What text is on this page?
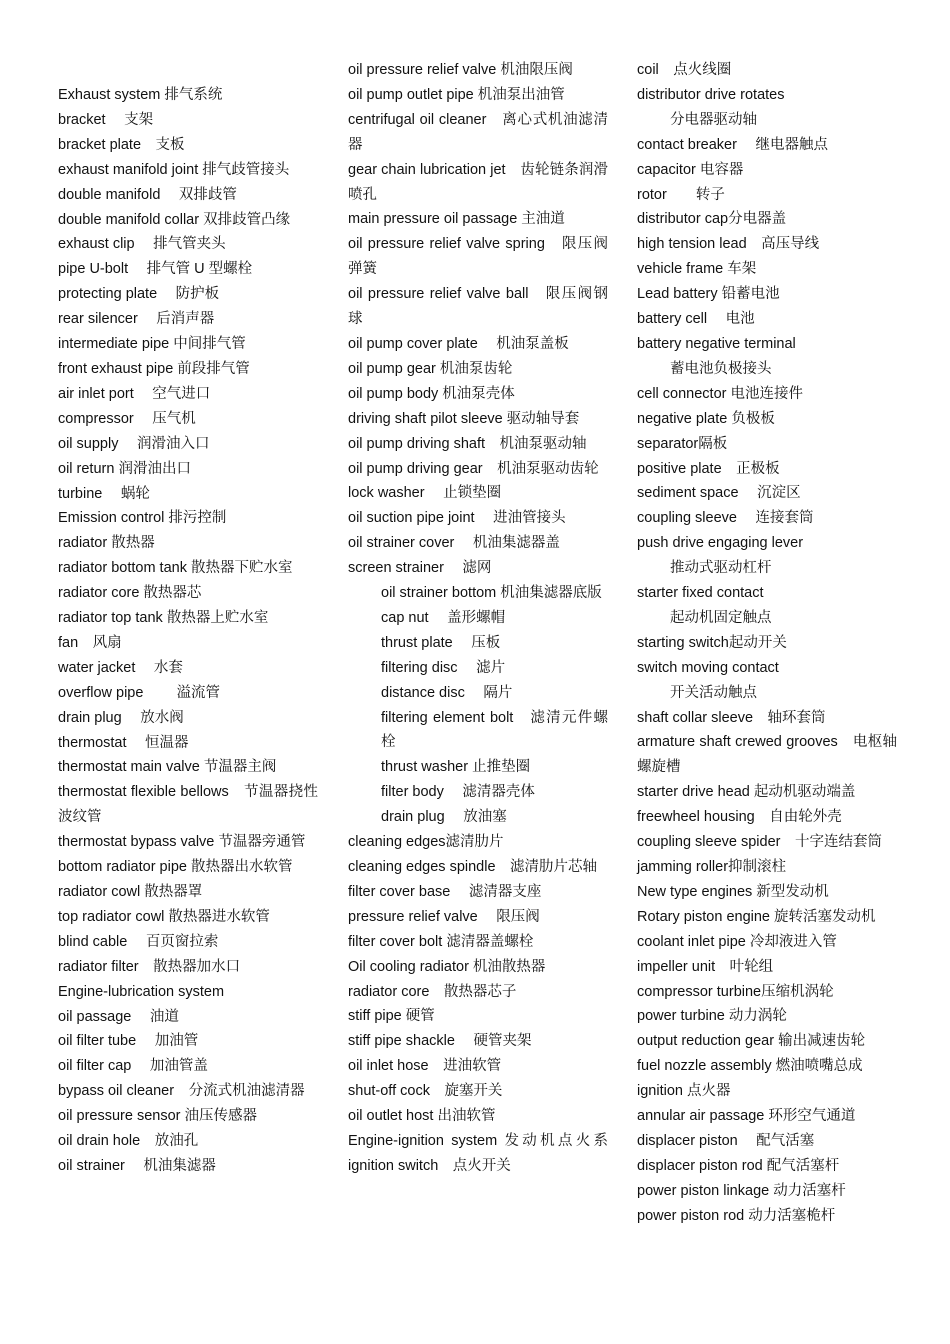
Exhaust system 排气系统
bracket　 支架
bracket plate　支板
exhaust manifold joint 排气歧管接头
double manifold　 双排歧管
double manifold collar 双排歧管凸缘
exhaust clip　 排气管夹头
pipe U-bolt　 排气管 U 型螺栓
protecting plate　 防护板
rear silencer　 后消声器
intermediate pipe 中间排气管
front exhaust pipe 前段排气管
air inlet port　 空气进口
compressor　 压气机
oil supply　 润滑油入口
oil return 润滑油出口
turbine　 蜗轮
Emission control 排污控制
radiator 散热器
radiator bottom tank 散热器下贮水室
radiator core 散热器芯
radiator top tank 散热器上贮水室
fan　风扇
water jacket　 水套
overflow pipe　　 溢流管
drain plug　 放水阀
thermostat　 恒温器
thermostat main valve 节温器主阀
thermostat flexible bellows　节温器挠性波纹管
thermostat bypass valve 节温器旁通管
bottom radiator pipe 散热器出水软管
radiator cowl 散热器罩
top radiator cowl 散热器进水软管
blind cable　 百页窗拉索
radiator filter　散热器加水口
Engine-lubrication system
oil passage　 油道
oil filter tube　 加油管
oil filter cap　 加油管盖
bypass oil cleaner　分流式机油滤清器
oil pressure sensor 油压传感器
oil drain hole　放油孔
oil strainer　 机油集滤器
oil pressure relief valve 机油限压阀
oil pump outlet pipe 机油泵出油管
centrifugal oil cleaner　离心式机油滤清器
gear chain lubrication jet　齿轮链条润滑喷孔
main pressure oil passage 主油道
oil pressure relief valve spring　限压阀弹簧
oil pressure relief valve ball　限压阀钢球
oil pump cover plate　 机油泵盖板
oil pump gear 机油泵齿轮
oil pump body 机油泵壳体
driving shaft pilot sleeve 驱动轴导套
oil pump driving shaft　机油泵驱动轴
oil pump driving gear　机油泵驱动齿轮
lock washer　 止锁垫圈
oil suction pipe joint　 进油管接头
oil strainer cover　 机油集滤器盖
screen strainer　 滤网
oil strainer bottom 机油集滤器底版
cap nut　 盖形螺帽
thrust plate　 压板
filtering disc　 滤片
distance disc　 隔片
filtering element bolt　滤清元件螺栓
thrust washer 止推垫圈
filter body　 滤清器壳体
drain plug　 放油塞
cleaning edges滤清肋片
cleaning edges spindle　滤清肋片芯轴
filter cover base　 滤清器支座
pressure relief valve　 限压阀
filter cover bolt 滤清器盖螺栓
Oil cooling radiator 机油散热器
radiator core　散热器芯子
stiff pipe 硬管
stiff pipe shackle　 硬管夹架
oil inlet hose　进油软管
shut-off cock　旋塞开关
oil outlet host 出油软管
Engine-ignition system 发动机点火系 ignition switch　点火开关
coil　点火线圈
distributor drive rotates
分电器驱动轴
contact breaker　 继电器触点
capacitor 电容器
rotor　　转子
distributor cap分电器盖
high tension lead　高压导线
vehicle frame 车架
Lead battery 铅蓄电池
battery cell　 电池
battery negative terminal
蓄电池负极接头
cell connector 电池连接件
negative plate 负极板
separator隔板
positive plate　正极板
sediment space　 沉淀区
coupling sleeve　 连接套筒
push drive engaging lever
推动式驱动杠杆
starter fixed contact
起动机固定触点
starting switch起动开关
switch moving contact
开关活动触点
shaft collar sleeve　轴环套筒
armature shaft crewed grooves　电枢轴螺旋槽
starter drive head 起动机驱动端盖
freewheel housing　自由轮外壳
coupling sleeve spider　十字连结套筒
jamming roller抑制滚柱
New type engines 新型发动机
Rotary piston engine 旋转活塞发动机
coolant inlet pipe 冷却液进入管
impeller unit　叶轮组
compressor turbine压缩机涡轮
power turbine 动力涡轮
output reduction gear 输出减速齿轮
fuel nozzle assembly 燃油喷嘴总成
ignition 点火器
annular air passage 环形空气通道
displacer piston　 配气活塞
displacer piston rod 配气活塞杆
power piston linkage 动力活塞杆
power piston rod 动力活塞桅杆
